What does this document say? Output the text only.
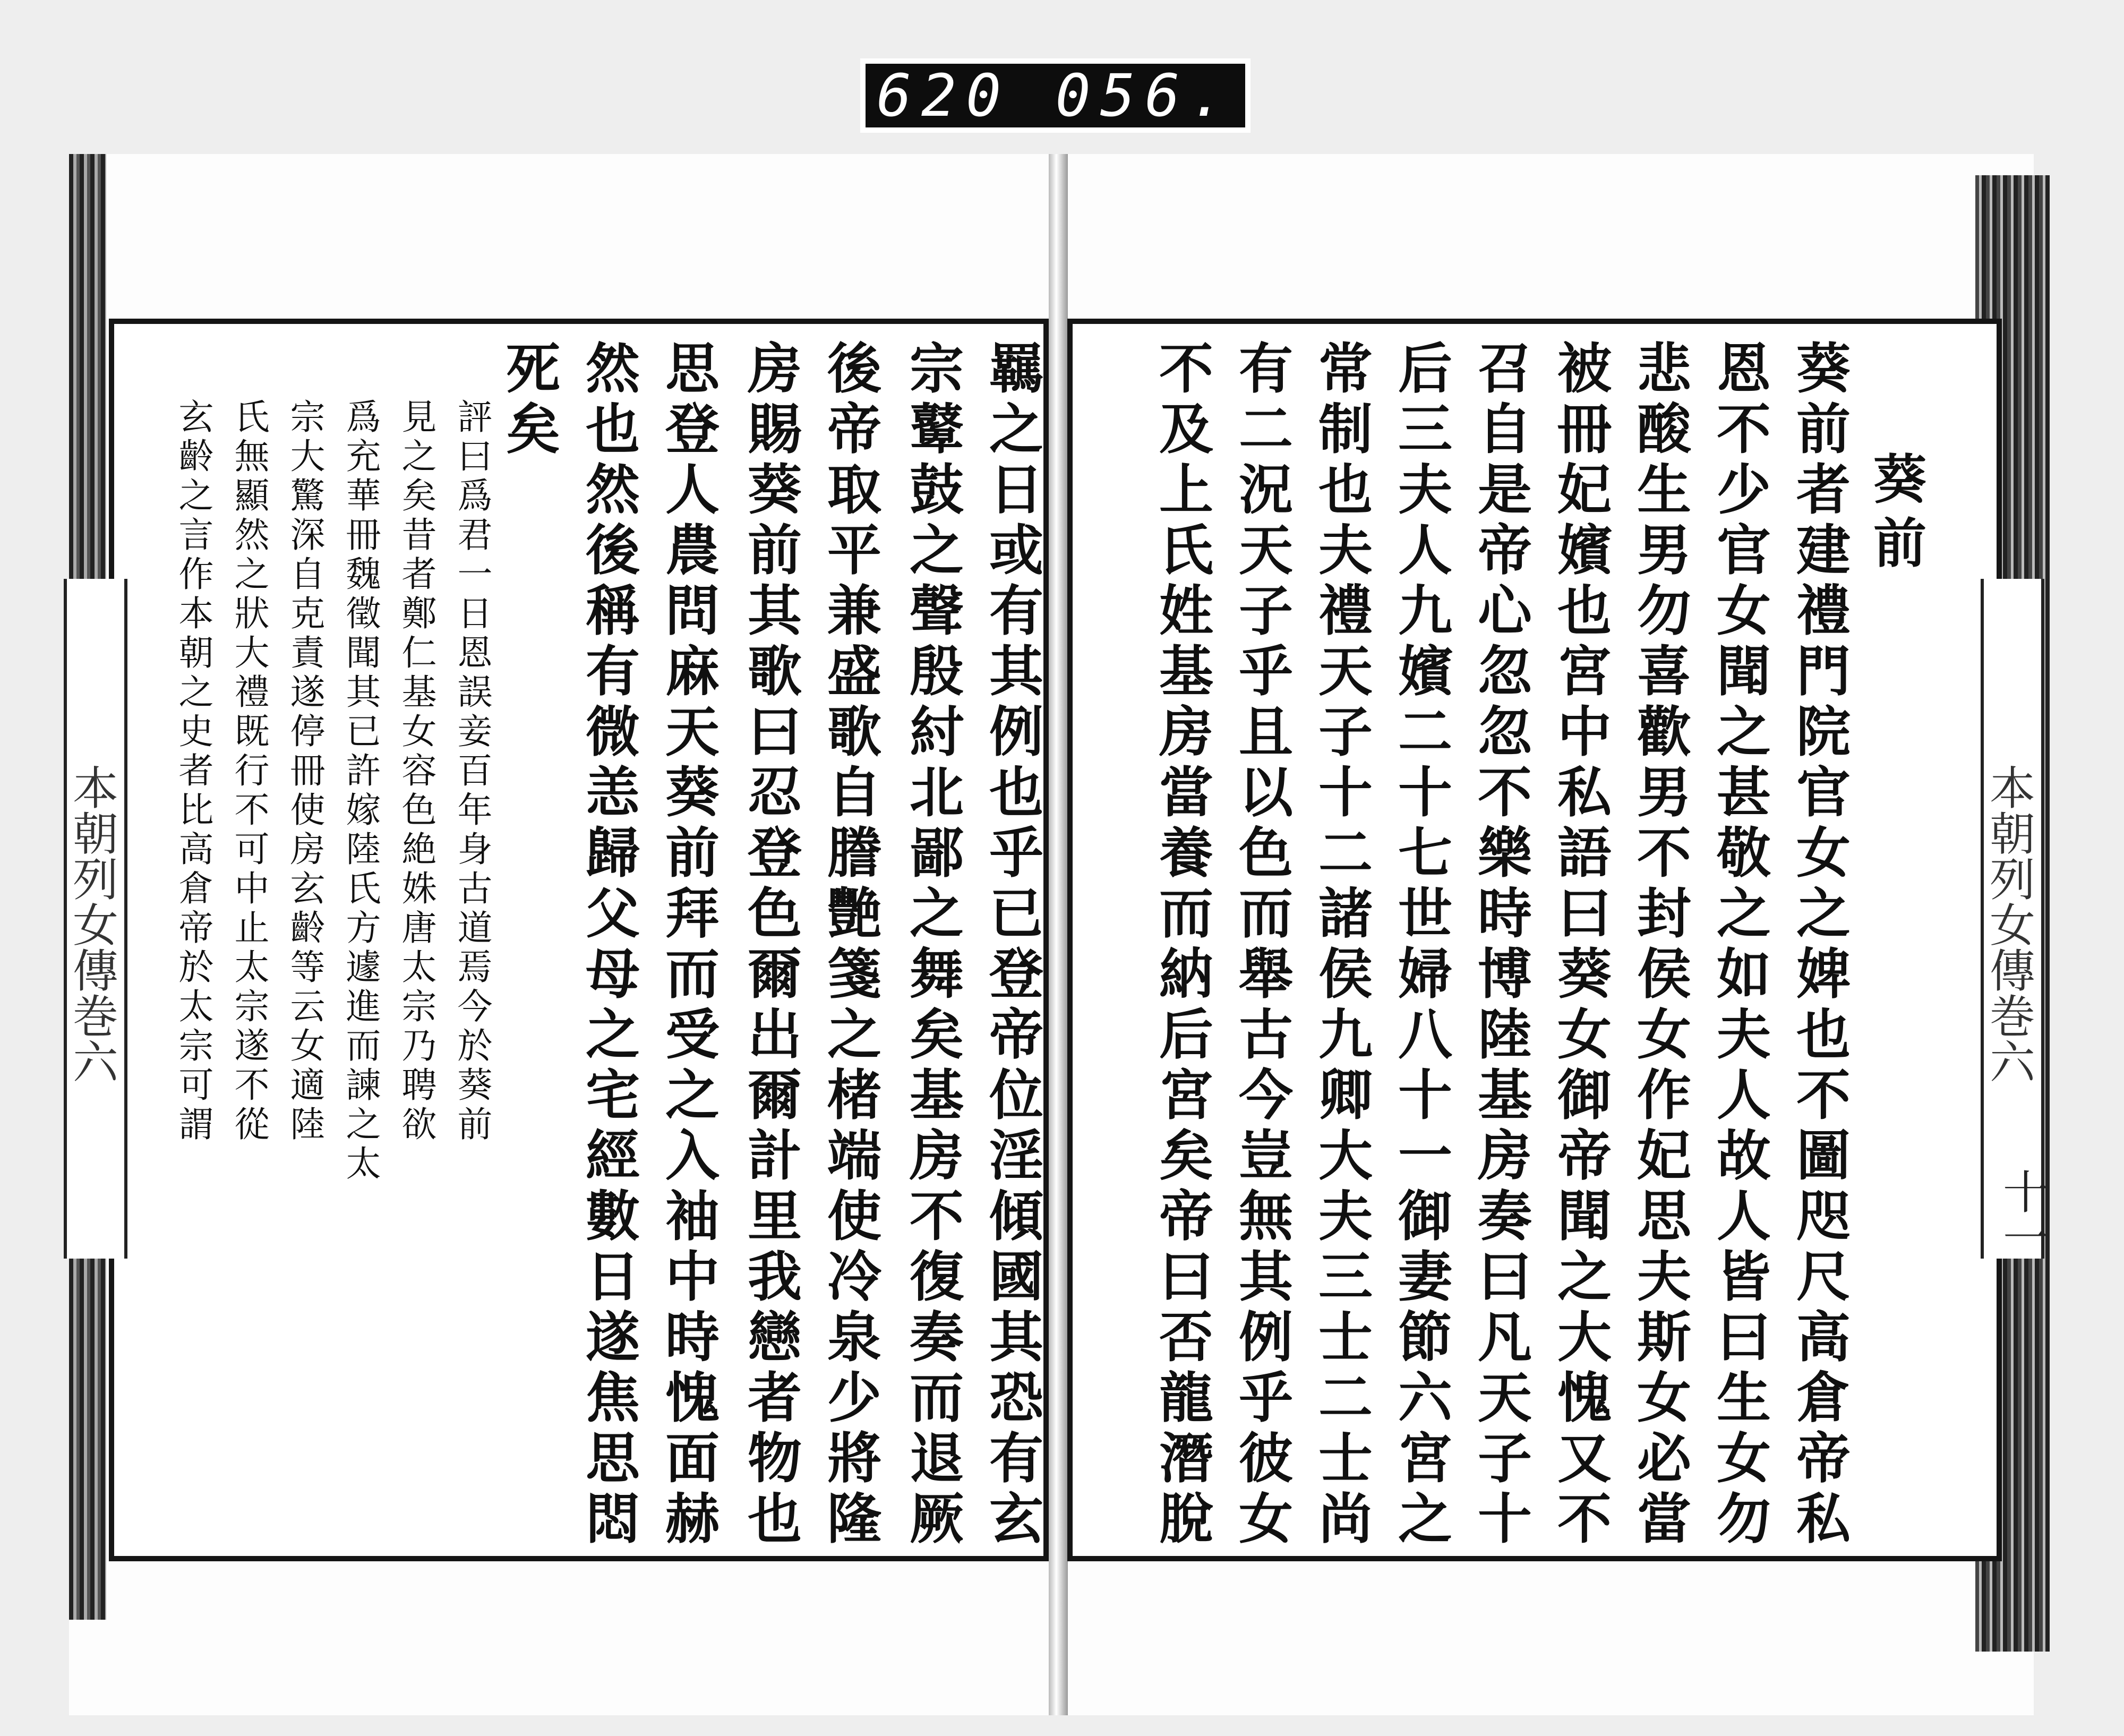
620 056.
羈之日或有其例也乎已登帝位淫傾國其恐有玄
宗鼙鼓之聲殷紂北鄙之舞矣基房不復奏而退厥
後帝取平兼盛歌自謄艷箋之楮端使冷泉少將隆
房賜葵前其歌曰忍登色爾出爾計里我戀者物也
思登人農問麻天葵前拜而受之入袖中時愧面赫
然也然後稱有微恙歸父母之宅經數日遂焦思悶
死矣
評曰爲君一日恩誤妾百年身古道焉今於葵前
見之矣昔者鄭仁基女容色絶姝唐太宗乃聘欲
爲充華冊魏徵聞其已許嫁陸氏方遽進而諫之太
宗大驚深自克責遂停冊使房玄齡等云女適陸
氏無顯然之狀大禮既行不可中止太宗遂不從
玄齡之言作本朝之史者比高倉帝於太宗可謂	葵前
葵前者建禮門院官女之婢也不圖咫尺高倉帝私
恩不少官女聞之甚敬之如夫人故人皆曰生女勿
悲酸生男勿喜歡男不封侯女作妃思夫斯女必當
被冊妃嬪也宮中私語曰葵女御帝聞之大愧又不
召自是帝心忽忽不樂時博陸基房奏曰凡天子十
后三夫人九嬪二十七世婦八十一御妻節六宮之
常制也夫禮天子十二諸侯九卿大夫三士二士尚
有二況天子乎且以色而舉古今豈無其例乎彼女
不及上氏姓基房當養而納后宮矣帝曰否龍潛脫
本朝列女傳巻六	本朝列女傳巻六
十一
